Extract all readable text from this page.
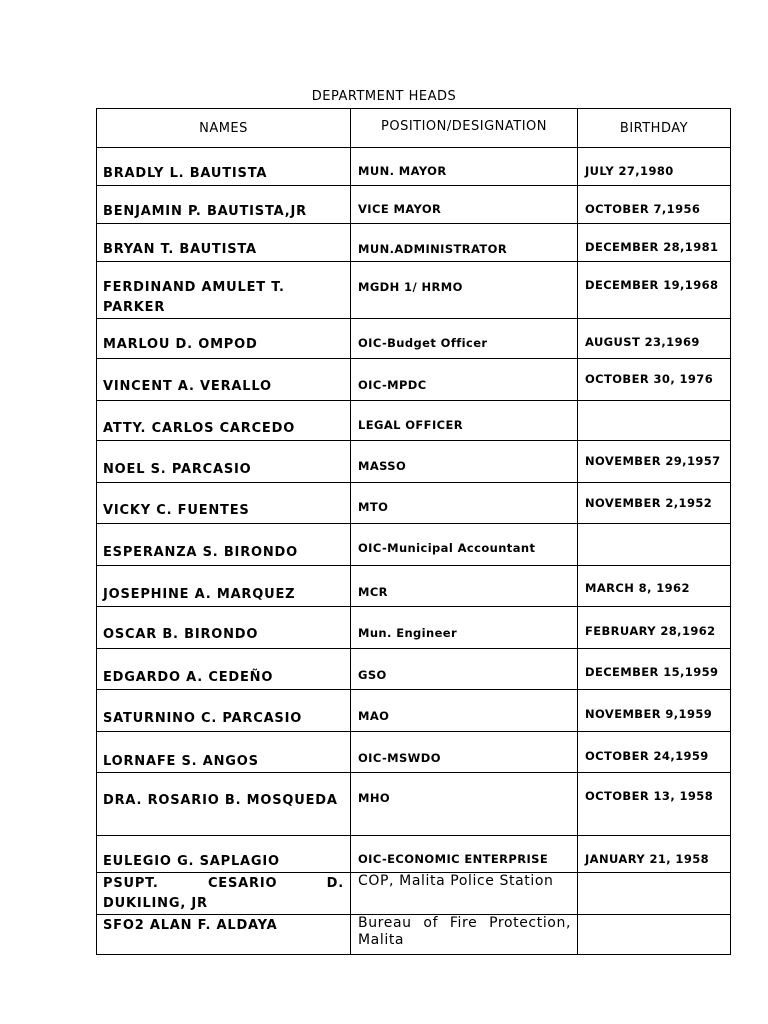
DEPARTMENT HEADS
NAMES	POSITION/DESIGNATION	BIRTHDAY
BRADLY L. BAUTISTA	MUN. MAYOR	JULY 27,1980
BENJAMIN P. BAUTISTA,JR	VICE MAYOR	OCTOBER 7,1956
BRYAN T. BAUTISTA	MUN.ADMINISTRATOR	DECEMBER 28,1981
FERDINAND AMULET T. PARKER	MGDH 1/ HRMO	DECEMBER 19,1968
MARLOU D. OMPOD	OIC-Budget Officer	AUGUST 23,1969
VINCENT A. VERALLO	OIC-MPDC	OCTOBER 30, 1976
ATTY. CARLOS CARCEDO	LEGAL OFFICER	
NOEL S. PARCASIO	MASSO	NOVEMBER 29,1957
VICKY C. FUENTES	MTO	NOVEMBER 2,1952
ESPERANZA S. BIRONDO	OIC-Municipal Accountant	
JOSEPHINE A. MARQUEZ	MCR	MARCH 8, 1962
OSCAR B. BIRONDO	Mun. Engineer	FEBRUARY 28,1962
EDGARDO A. CEDEÑO	GSO	DECEMBER 15,1959
SATURNINO C. PARCASIO	MAO	NOVEMBER 9,1959
LORNAFE S. ANGOS	OIC-MSWDO	OCTOBER 24,1959
DRA. ROSARIO B. MOSQUEDA	MHO	OCTOBER 13, 1958
EULEGIO G. SAPLAGIO	OIC-ECONOMIC ENTERPRISE	JANUARY 21, 1958
PSUPT. CESARIO D. DUKILING, JR	COP, Malita Police Station	
SFO2 ALAN F. ALDAYA	Bureau of Fire Protection, Malita	
